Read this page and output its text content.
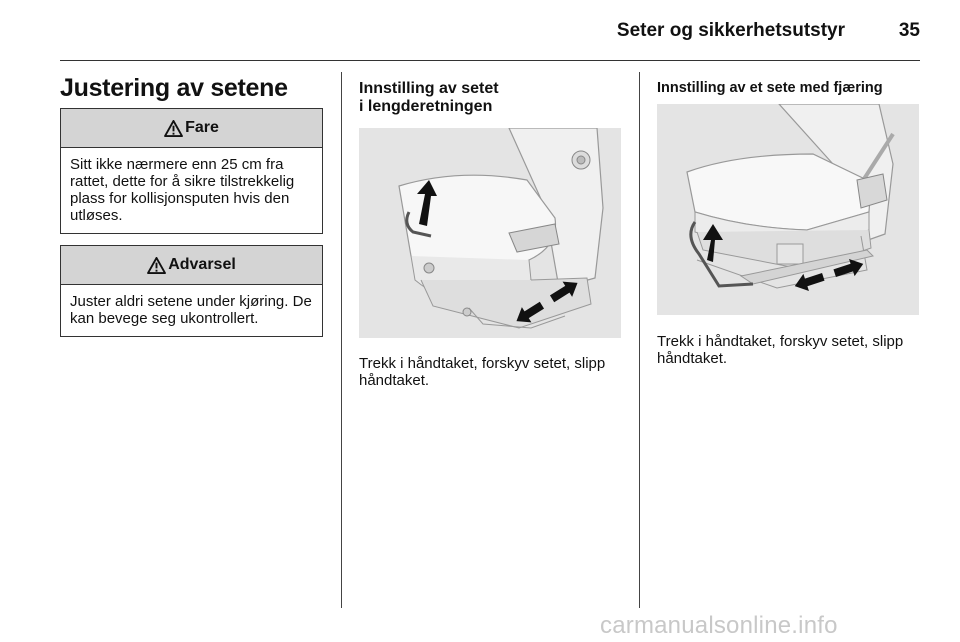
Seter og sikkerhetsutstyr	35
Justering av setene
Fare
Sitt ikke nærmere enn 25 cm fra rattet, dette for å sikre tilstrekkelig plass for kollisjonsputen hvis den utløses.
Advarsel
Juster aldri setene under kjøring. De kan bevege seg ukontrollert.
Innstilling av setet
i lengderetningen
Trekk i håndtaket, forskyv setet, slipp håndtaket.
Innstilling av et sete med fjæring
Trekk i håndtaket, forskyv setet, slipp håndtaket.
carmanualsonline.info
